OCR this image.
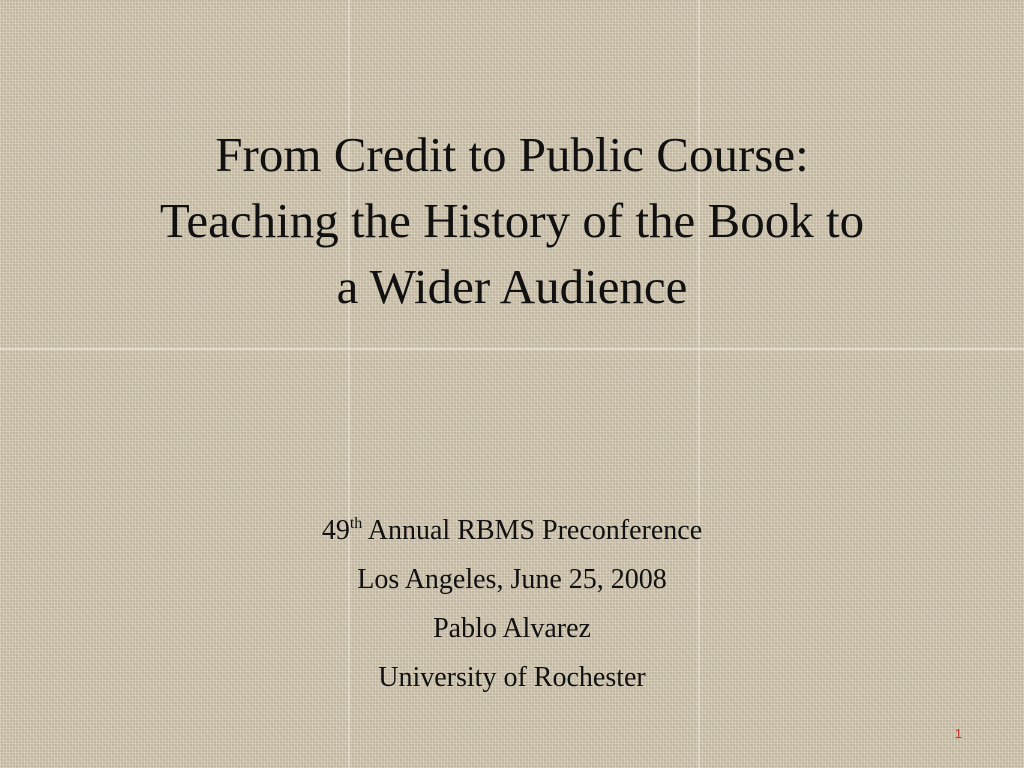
From Credit to Public Course:
Teaching the History of the Book to
a Wider Audience
49th Annual RBMS Preconference
Los Angeles, June 25, 2008
Pablo Alvarez
University of Rochester
1
